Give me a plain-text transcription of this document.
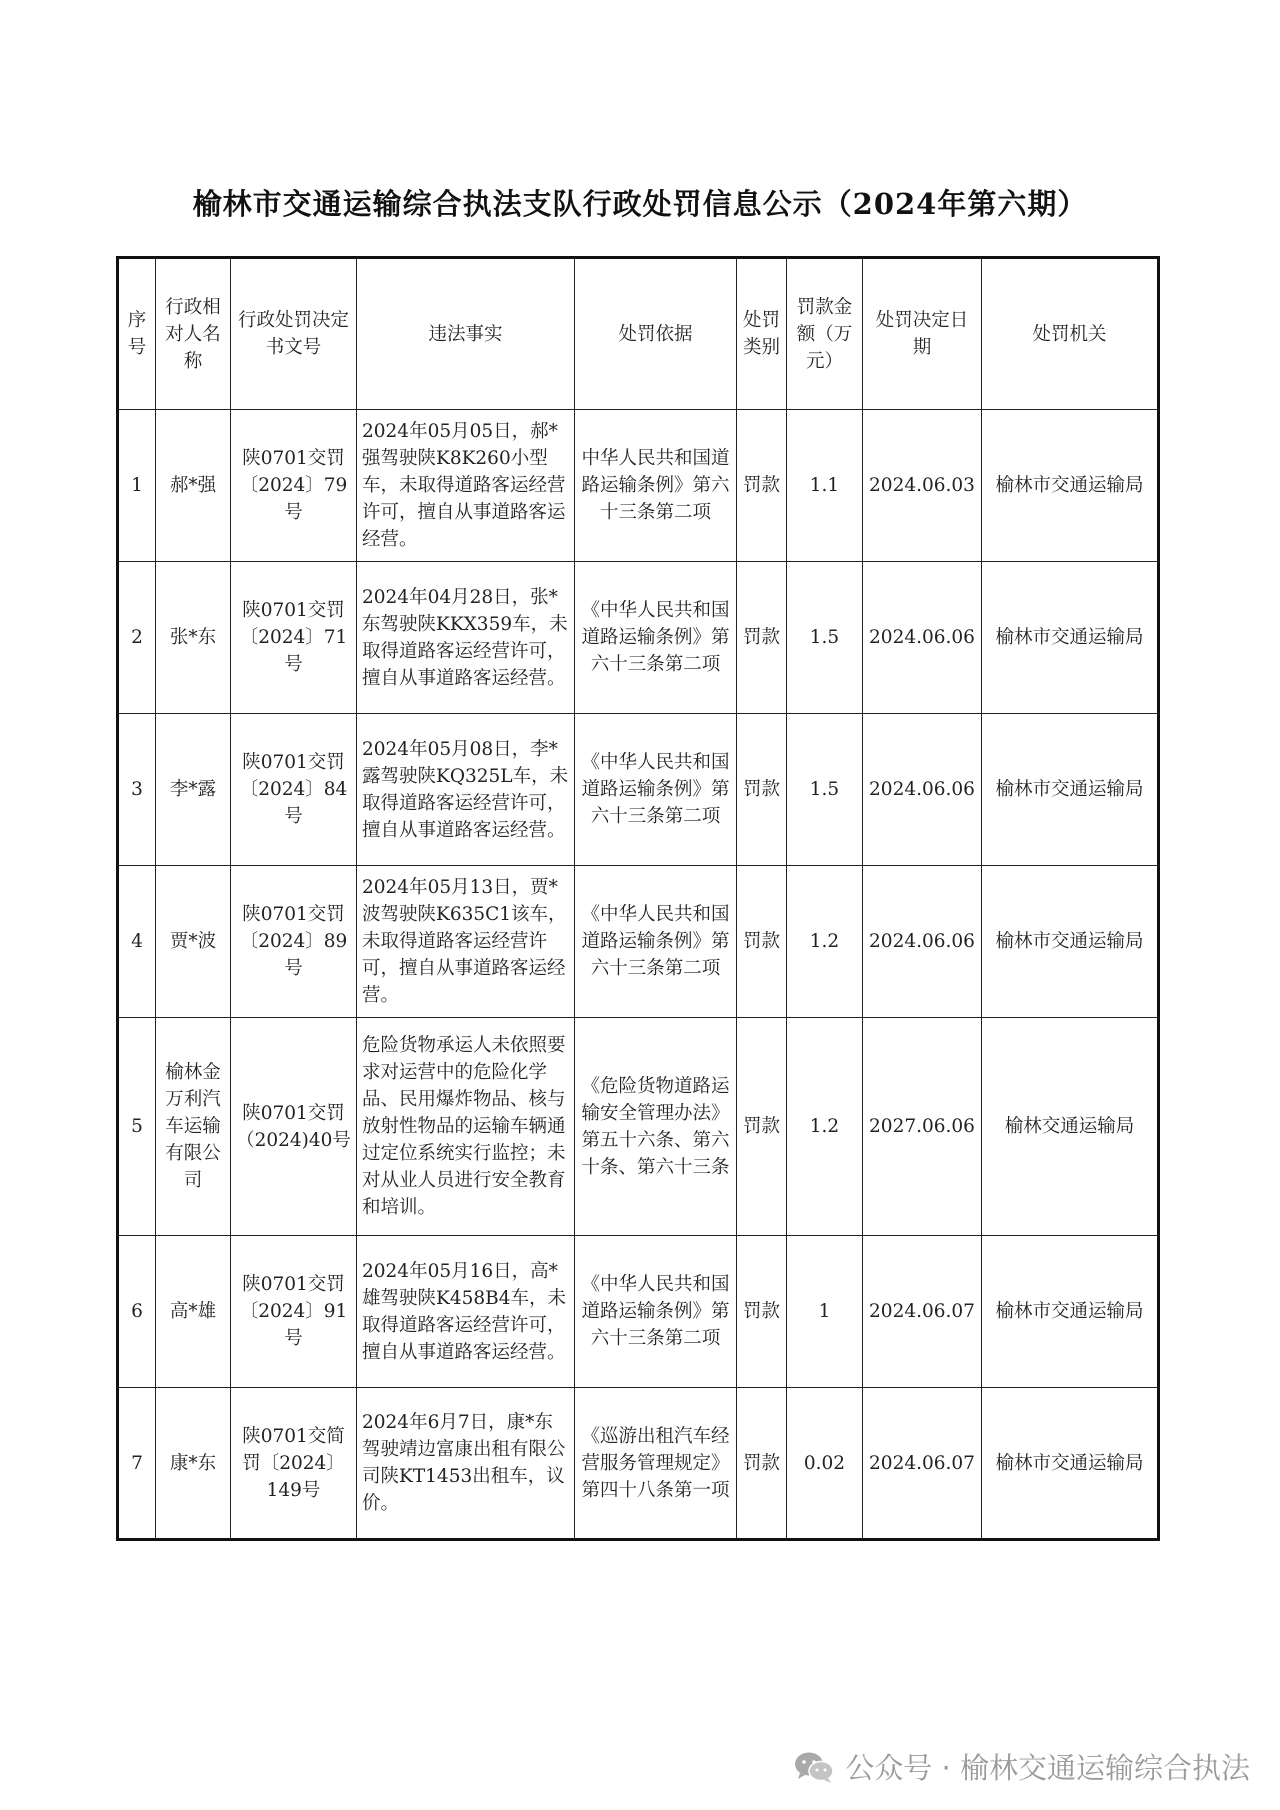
榆林市交通运输综合执法支队行政处罚信息公示（2024年第六期）
序号	行政相对人名称	行政处罚决定书文号	违法事实	处罚依据	处罚类别	罚款金额（万元）	处罚决定日期	处罚机关
1	郝*强	陕0701交罚〔2024〕79号	2024年05月05日，郝*强驾驶陕K8K260小型车，未取得道路客运经营许可，擅自从事道路客运经营。	中华人民共和国道路运输条例》第六十三条第二项	罚款	1.1	2024.06.03	榆林市交通运输局
2	张*东	陕0701交罚〔2024〕71号	2024年04月28日，张*东驾驶陕KKX359车，未取得道路客运经营许可，擅自从事道路客运经营。	《中华人民共和国道路运输条例》第六十三条第二项	罚款	1.5	2024.06.06	榆林市交通运输局
3	李*露	陕0701交罚〔2024〕84号	2024年05月08日，李*露驾驶陕KQ325L车，未取得道路客运经营许可，擅自从事道路客运经营。	《中华人民共和国道路运输条例》第六十三条第二项	罚款	1.5	2024.06.06	榆林市交通运输局
4	贾*波	陕0701交罚〔2024〕89号	2024年05月13日，贾*波驾驶陕K635C1该车，未取得道路客运经营许可，擅自从事道路客运经营。	《中华人民共和国道路运输条例》第六十三条第二项	罚款	1.2	2024.06.06	榆林市交通运输局
5	榆林金万利汽车运输有限公司	陕0701交罚（2024)40号	危险货物承运人未依照要求对运营中的危险化学品、民用爆炸物品、核与放射性物品的运输车辆通过定位系统实行监控；未对从业人员进行安全教育和培训。	《危险货物道路运输安全管理办法》第五十六条、第六十条、第六十三条	罚款	1.2	2027.06.06	榆林交通运输局
6	高*雄	陕0701交罚〔2024〕91号	2024年05月16日，高*雄驾驶陕K458B4车，未取得道路客运经营许可，擅自从事道路客运经营。	《中华人民共和国道路运输条例》第六十三条第二项	罚款	1	2024.06.07	榆林市交通运输局
7	康*东	陕0701交简罚〔2024〕149号	2024年6月7日，康*东驾驶靖边富康出租有限公司陕KT1453出租车，议价。	《巡游出租汽车经营服务管理规定》第四十八条第一项	罚款	0.02	2024.06.07	榆林市交通运输局
公众号 · 榆林交通运输综合执法
